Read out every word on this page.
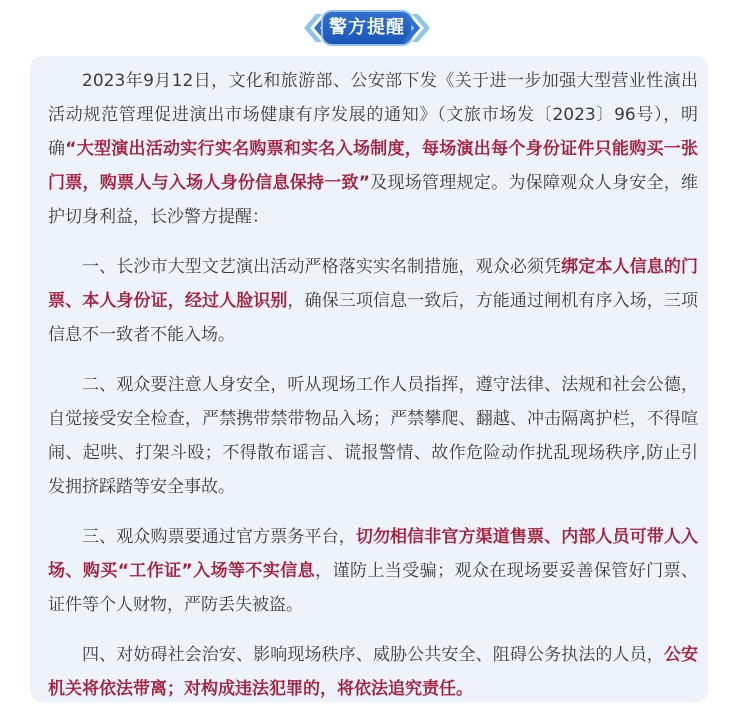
警方提醒

2023年9月12日，文化和旅游部、公安部下发《关于进一步加强大型营业性演出活动规范管理促进演出市场健康有序发展的通知》（文旅市场发〔2023〕96号），明确“大型演出活动实行实名购票和实名入场制度，每场演出每个身份证件只能购买一张门票，购票人与入场人身份信息保持一致”及现场管理规定。为保障观众人身安全，维护切身利益，长沙警方提醒：

一、长沙市大型文艺演出活动严格落实实名制措施，观众必须凭绑定本人信息的门票、本人身份证，经过人脸识别，确保三项信息一致后，方能通过闸机有序入场，三项信息不一致者不能入场。

二、观众要注意人身安全，听从现场工作人员指挥，遵守法律、法规和社会公德，自觉接受安全检查，严禁携带禁带物品入场；严禁攀爬、翻越、冲击隔离护栏，不得喧闹、起哄、打架斗殴；不得散布谣言、谎报警情、故作危险动作扰乱现场秩序,防止引发拥挤踩踏等安全事故。

三、观众购票要通过官方票务平台，切勿相信非官方渠道售票、内部人员可带人入场、购买“工作证”入场等不实信息，谨防上当受骗；观众在现场要妥善保管好门票、证件等个人财物，严防丢失被盗。

四、对妨碍社会治安、影响现场秩序、威胁公共安全、阻碍公务执法的人员，公安机关将依法带离；对构成违法犯罪的，将依法追究责任。
